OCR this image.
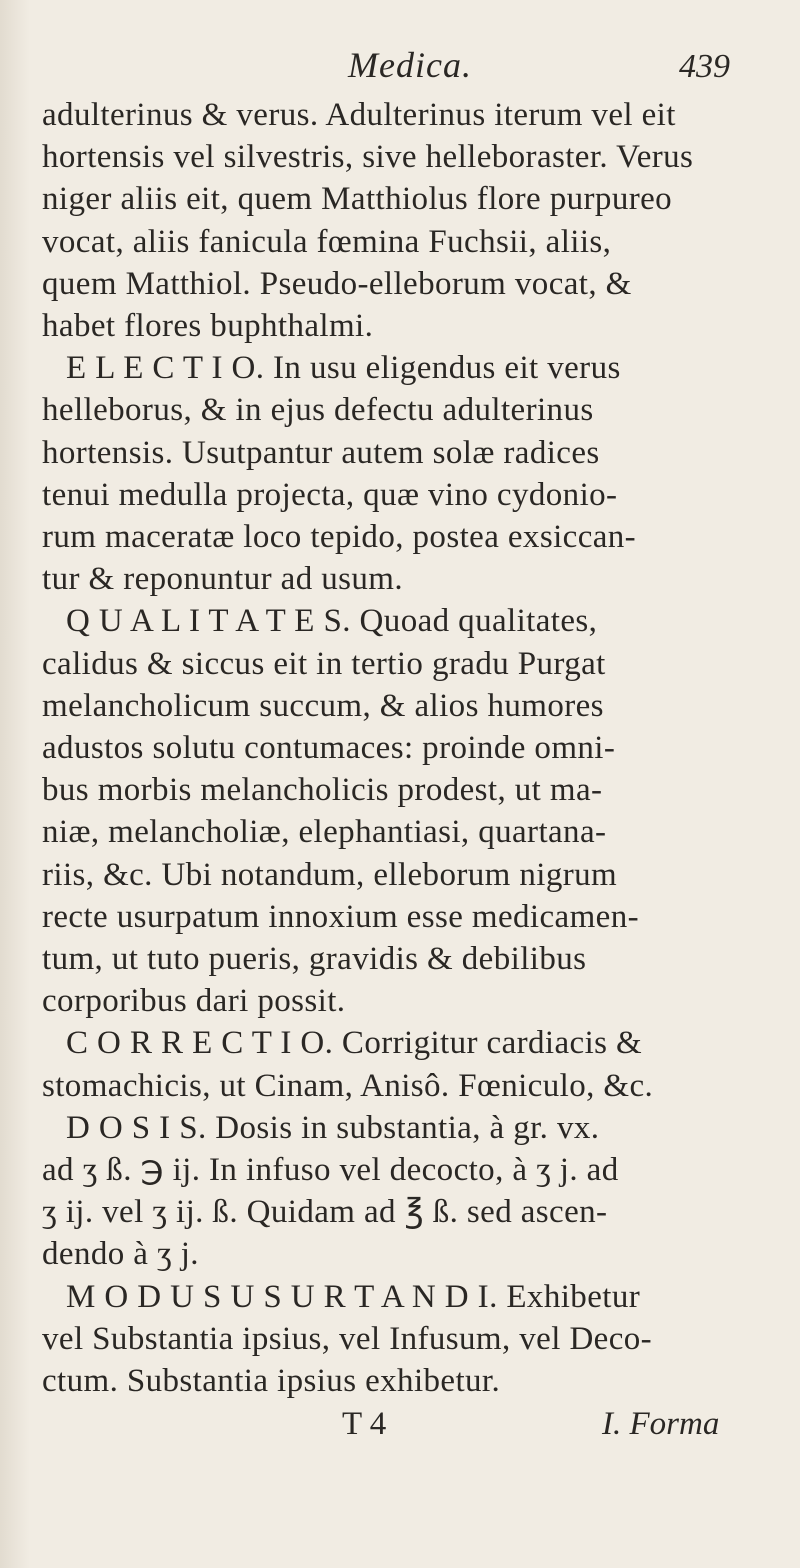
Medica.	439
adulterinus & verus. Adulterinus iterum vel eit
hortensis vel silvestris, sive helleboraster. Verus
niger aliis eit, quem Matthiolus flore purpureo
vocat, aliis fanicula fœmina Fuchsii, aliis,
quem Matthiol. Pseudo-elleborum vocat, &
habet flores buphthalmi.
E L E C T I O. In usu eligendus eit verus
helleborus, & in ejus defectu adulterinus
hortensis. Usutpantur autem solæ radices
tenui medulla projecta, quæ vino cydonio-
rum maceratæ loco tepido, postea exsiccan-
tur & reponuntur ad usum.
Q U A L I T A T E S. Quoad qualitates,
calidus & siccus eit in tertio gradu Purgat
melancholicum succum, & alios humores
adustos solutu contumaces: proinde omni-
bus morbis melancholicis prodest, ut ma-
niæ, melancholiæ, elephantiasi, quartana-
riis, &c. Ubi notandum, elleborum nigrum
recte usurpatum innoxium esse medicamen-
tum, ut tuto pueris, gravidis & debilibus
corporibus dari possit.
C O R R E C T I O. Corrigitur cardiacis &
stomachicis, ut Cinam, Anisô. Fœniculo, &c.
D O S I S. Dosis in substantia, à gr. vx.
ad ʒ ß. ℈ ij. In infuso vel decocto, à ʒ j. ad
ʒ ij. vel ʒ ij. ß. Quidam ad ℥ ß. sed ascen-
dendo à ʒ j.
M O D U S U S U R T A N D I. Exhibetur
vel Substantia ipsius, vel Infusum, vel Deco-
ctum. Substantia ipsius exhibetur.
T 4	I. Forma
